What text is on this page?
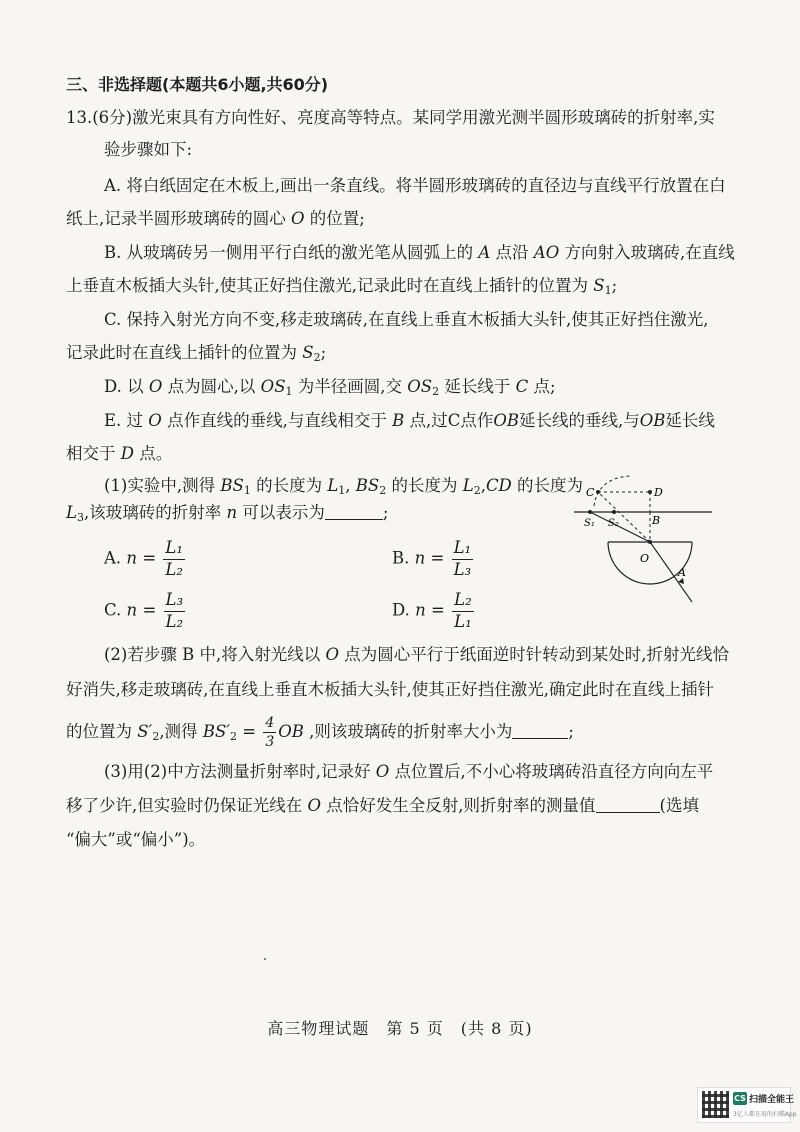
三、非选择题(本题共6小题,共60分)
13.(6分)激光束具有方向性好、亮度高等特点。某同学用激光测半圆形玻璃砖的折射率,实
验步骤如下:
A. 将白纸固定在木板上,画出一条直线。将半圆形玻璃砖的直径边与直线平行放置在白
纸上,记录半圆形玻璃砖的圆心 O 的位置;
B. 从玻璃砖另一侧用平行白纸的激光笔从圆弧上的 A 点沿 AO 方向射入玻璃砖,在直线
上垂直木板插大头针,使其正好挡住激光,记录此时在直线上插针的位置为 $S_1$;
C. 保持入射光方向不变,移走玻璃砖,在直线上垂直木板插大头针,使其正好挡住激光,
记录此时在直线上插针的位置为 $S_2$;
D. 以 O 点为圆心,以 $OS_1$ 为半径画圆,交 $OS_2$ 延长线于 C 点;
E. 过 O 点作直线的垂线,与直线相交于 B 点,过C点作OB延长线的垂线,与OB延长线
相交于 D 点。
(1)实验中,测得 $BS_1$ 的长度为 $L_1$, $BS_2$ 的长度为 $L_2,CD$ 的长度为
$L_3$,该玻璃砖的折射率 n 可以表示为	;
A. $n = \frac{\text{L₁}}{\text{L₂}}$	B. $n = \frac{\text{L₁}}{\text{L₃}}$
C. $n = \frac{\text{L₃}}{\text{L₂}}$	D. $n = \frac{\text{L₂}}{\text{L₁}}$
C	D
S₁ S₂	B
O
A
(2)若步骤 B 中,将入射光线以 O 点为圆心平行于纸面逆时针转动到某处时,折射光线恰
好消失,移走玻璃砖,在直线上垂直木板插大头针,使其正好挡住激光,确定此时在直线上插针
的位置为 $S'_2$,测得 $BS'_2 = \frac{4}{3}$ OB ,则该玻璃砖的折射率大小为	;
(3)用(2)中方法测量折射率时,记录好 O 点位置后,不小心将玻璃砖沿直径方向向左平
移了少许,但实验时仍保证光线在 O 点恰好发生全反射,则折射率的测量值	(选填
“偏大”或“偏小”)。
高三物理试题　第 5 页　(共 8 页)
CS 扫描全能王
3亿人都在用的扫描App
